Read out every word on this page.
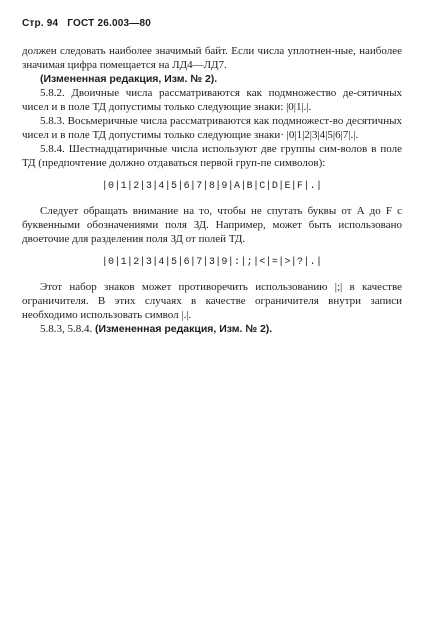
Стр. 94 ГОСТ 26.003—80

должен следовать наиболее значимый байт. Если числа уплотнен-ные, наиболее значимая цифра помещается на ЛД4—ЛД7.

(Измененная редакция, Изм. № 2).

5.8.2. Двоичные числа рассматриваются как подмножество де-сятичных чисел и в поле ТД допустимы только следующие знаки: |0|1|.|.

5.8.3. Восьмеричные числа рассматриваются как подмножест-во десятичных чисел и в поле ТД допустимы только следующие знаки· |0|1|2|3|4|5|6|7|.|.

5.8.4. Шестнадцатиричные числа используют две группы сим-волов в поле ТД (предпочтение должно отдаваться первой груп-пе символов):

|0|1|2|3|4|5|6|7|8|9|A|B|C|D|E|F|.|

Следует обращать внимание на то, чтобы не спутать буквы от А до F с буквенными обозначениями поля ЗД. Например, может быть использовано двоеточие для разделения поля ЗД от полей ТД.

|0|1|2|3|4|5|6|7|3|9|:|;|<|=|>|?|.|

Этот набор знаков может противоречить использованию |;| в качестве ограничителя. В этих случаях в качестве ограничителя внутри записи необходимо использовать символ |.|.

5.8.3, 5.8.4. (Измененная редакция, Изм. № 2).
